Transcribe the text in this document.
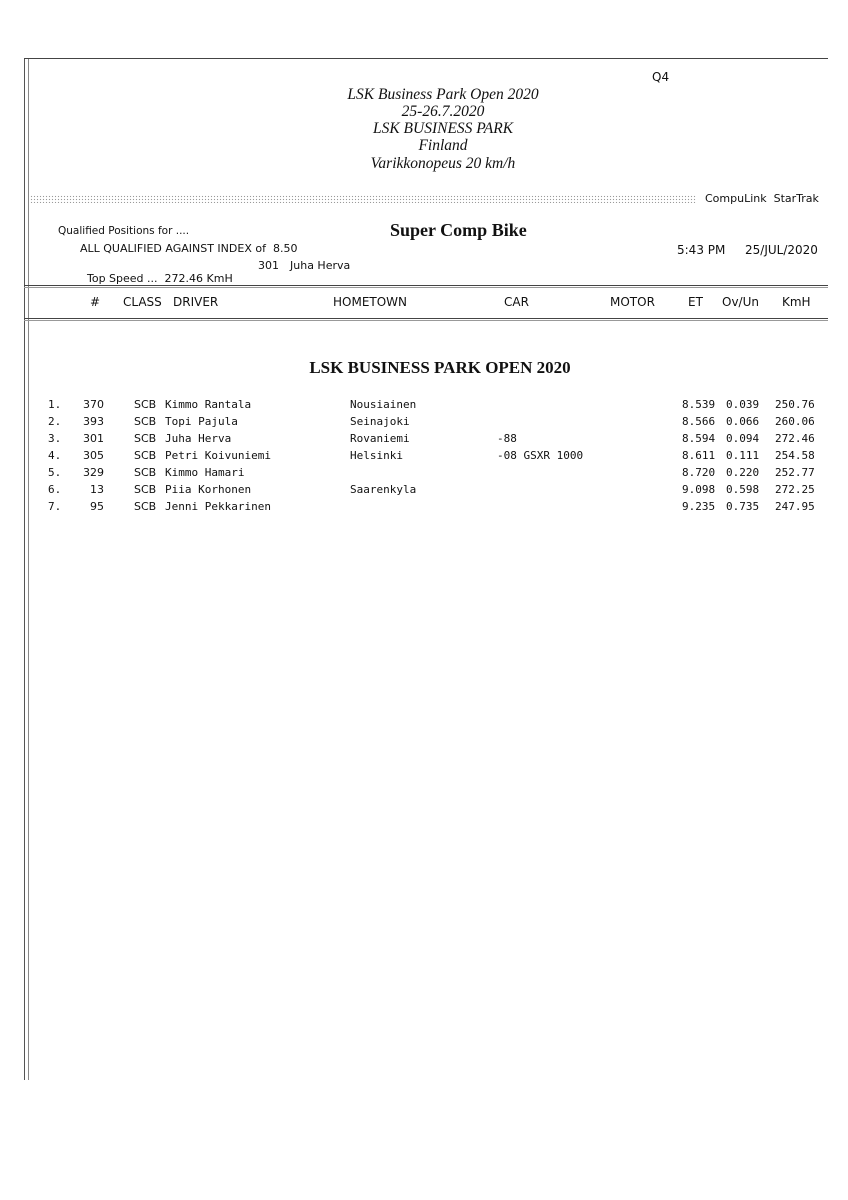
Q4
LSK Business Park Open 2020
25-26.7.2020
LSK BUSINESS PARK
Finland
Varikkonopeus 20 km/h
CompuLink  StarTrak
Qualified Positions for ....
ALL QUALIFIED AGAINST INDEX of  8.50

Top Speed ... 272.46 KmH

301 Juha Herva
Super Comp Bike
5:43 PM 25/JUL/2020
# CLASS DRIVER	HOMETOWN	CAR	MOTOR	ET Ov/Un KmH
LSK BUSINESS PARK OPEN 2020
1.	370	SCB Kimmo Rantala	Nousiainen	8.539 0.039 250.76
2.	393	SCB Topi Pajula	Seinajoki	8.566 0.066 260.06
3.	301	SCB Juha Herva	Rovaniemi	-88	8.594 0.094 272.46
4.	305	SCB Petri Koivuniemi	Helsinki	-08 GSXR 1000	8.611 0.111 254.58
5.	329	SCB Kimmo Hamari	8.720 0.220 252.77
6.	13	SCB Piia Korhonen	Saarenkyla	9.098 0.598 272.25
7.	95	SCB Jenni Pekkarinen	9.235 0.735 247.95
